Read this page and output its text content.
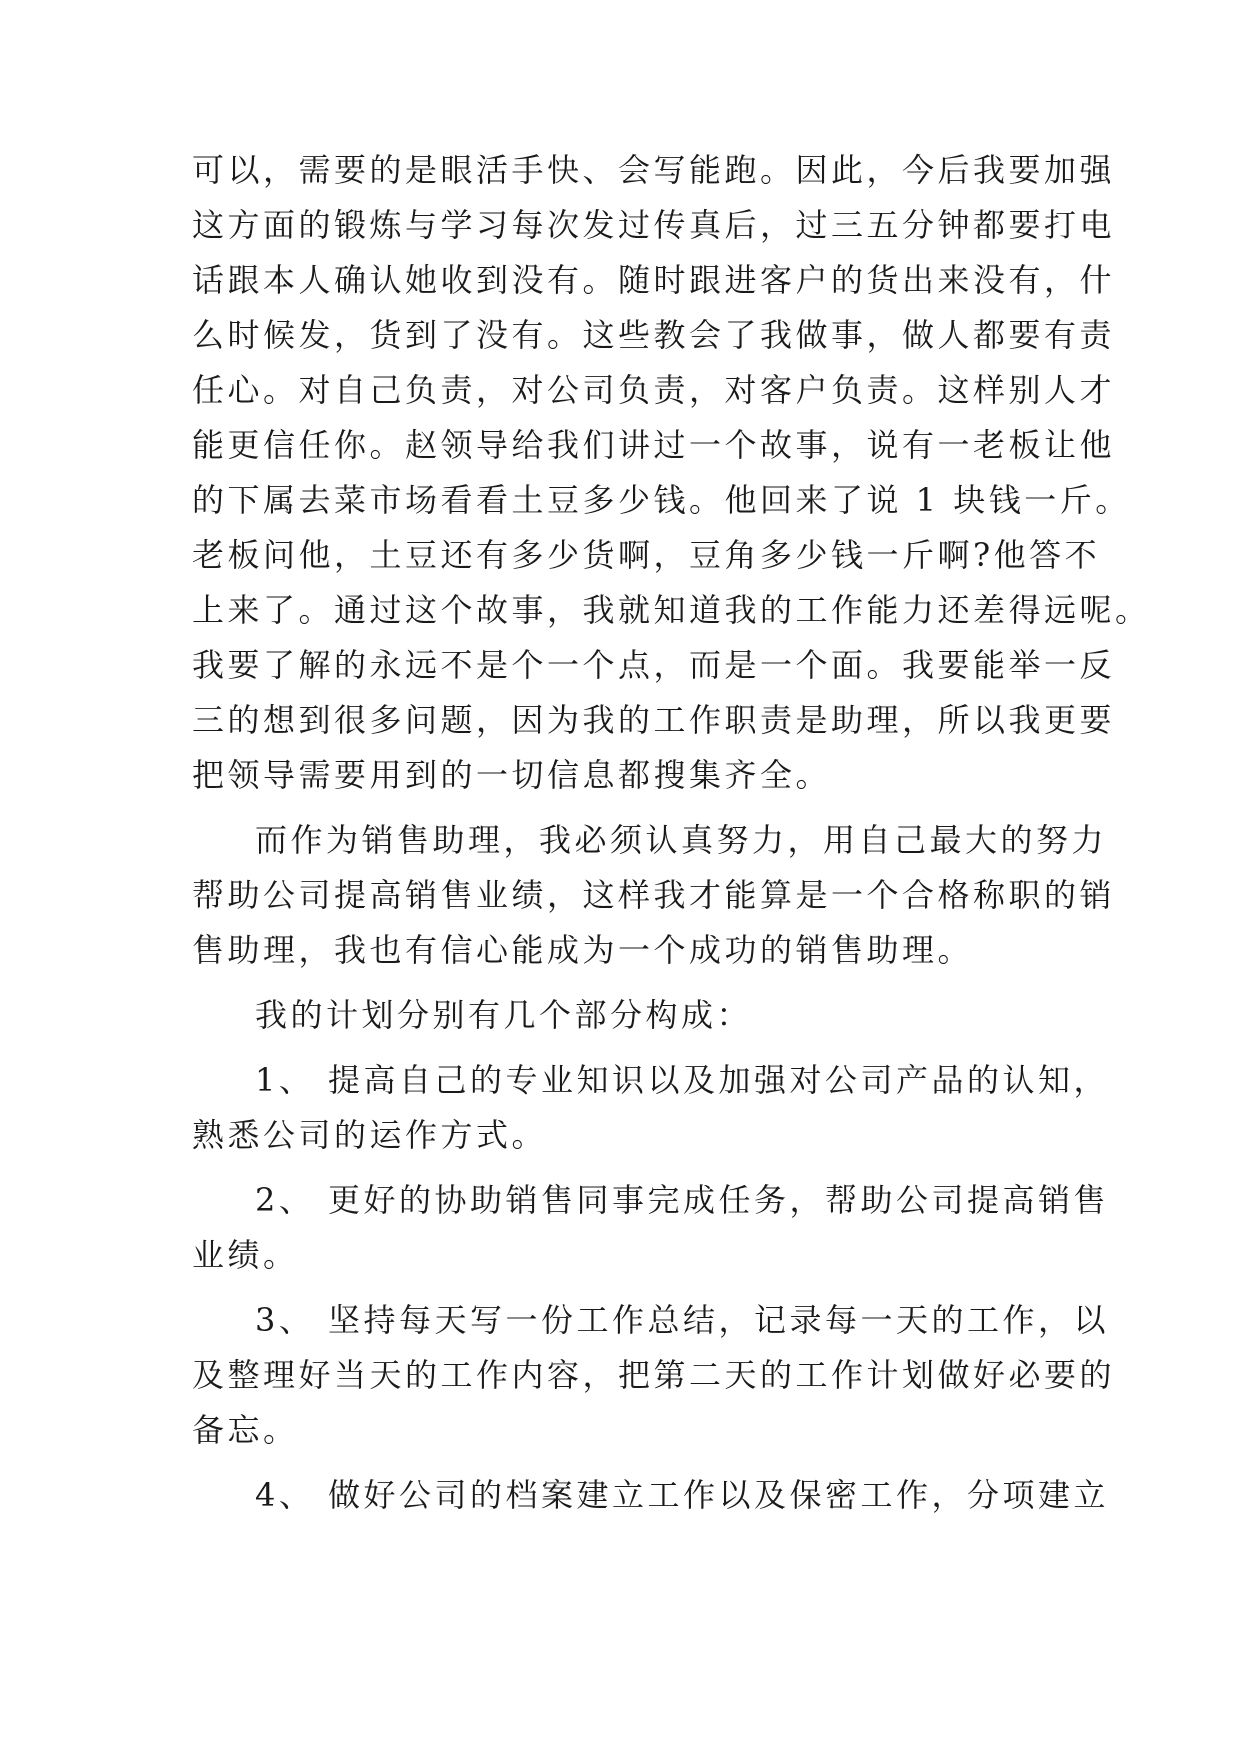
可以，需要的是眼活手快、会写能跑。因此，今后我要加强
这方面的锻炼与学习每次发过传真后，过三五分钟都要打电
话跟本人确认她收到没有。随时跟进客户的货出来没有，什
么时候发，货到了没有。这些教会了我做事，做人都要有责
任心。对自己负责，对公司负责，对客户负责。这样别人才
能更信任你。赵领导给我们讲过一个故事，说有一老板让他
的下属去菜市场看看土豆多少钱。他回来了说 1 块钱一斤。
老板问他，土豆还有多少货啊，豆角多少钱一斤啊?他答不
上来了。通过这个故事，我就知道我的工作能力还差得远呢。
我要了解的永远不是个一个点，而是一个面。我要能举一反
三的想到很多问题，因为我的工作职责是助理，所以我更要
把领导需要用到的一切信息都搜集齐全。
而作为销售助理，我必须认真努力，用自己最大的努力
帮助公司提高销售业绩，这样我才能算是一个合格称职的销
售助理，我也有信心能成为一个成功的销售助理。
我的计划分别有几个部分构成：
1、 提高自己的专业知识以及加强对公司产品的认知，
熟悉公司的运作方式。
2、 更好的协助销售同事完成任务，帮助公司提高销售
业绩。
3、 坚持每天写一份工作总结，记录每一天的工作，以
及整理好当天的工作内容，把第二天的工作计划做好必要的
备忘。
4、 做好公司的档案建立工作以及保密工作，分项建立
